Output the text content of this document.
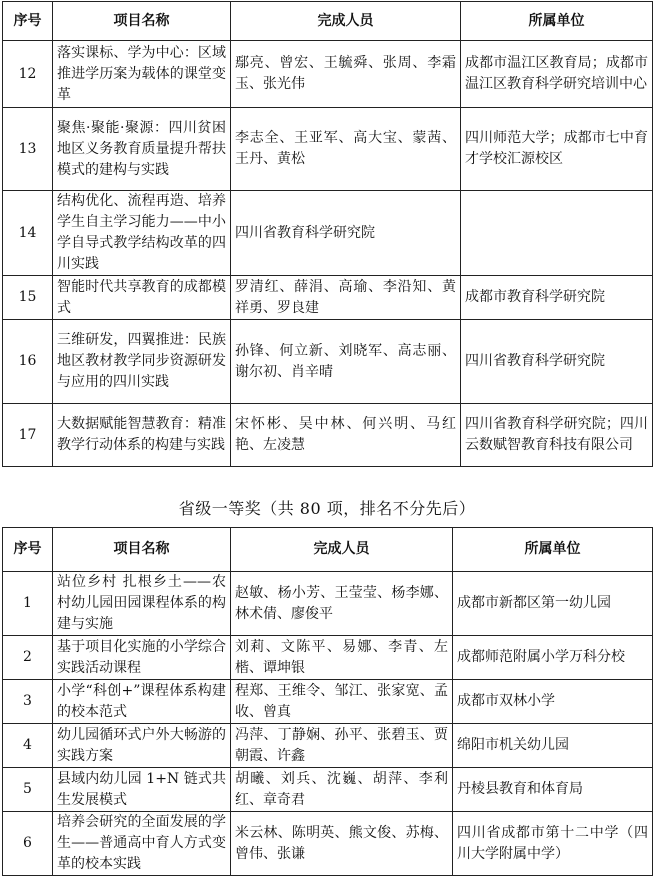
序号	项目名称	完成人员	所属单位
12	落实课标、学为中心：区域推进学历案为载体的课堂变革	鄢亮、曾宏、王毓舜、张周、李霜玉、张光伟	成都市温江区教育局；成都市温江区教育科学研究培训中心
13	聚焦·聚能·聚源：四川贫困地区义务教育质量提升帮扶模式的建构与实践	李志全、王亚军、高大宝、蒙茜、王丹、黄松	四川师范大学；成都市七中育才学校汇源校区
14	结构优化、流程再造、培养学生自主学习能力——中小学自导式教学结构改革的四川实践	四川省教育科学研究院	
15	智能时代共享教育的成都模式	罗清红、薛涓、高瑜、李沿知、黄祥勇、罗良建	成都市教育科学研究院
16	三维研发，四翼推进：民族地区教材教学同步资源研发与应用的四川实践	孙锋、何立新、刘晓军、高志丽、谢尔初、肖辛晴	四川省教育科学研究院
17	大数据赋能智慧教育：精准教学行动体系的构建与实践	宋怀彬、吴中林、何兴明、马红艳、左凌慧	四川省教育科学研究院；四川云数赋智教育科技有限公司
省级一等奖（共 80 项，排名不分先后）
序号	项目名称	完成人员	所属单位
1	站位乡村 扎根乡土——农村幼儿园田园课程体系的构建与实施	赵敏、杨小芳、王莹莹、杨李娜、林术倩、廖俊平	成都市新都区第一幼儿园
2	基于项目化实施的小学综合实践活动课程	刘莉、文陈平、易娜、李青、左楷、谭坤银	成都师范附属小学万科分校
3	小学“科创+”课程体系构建的校本范式	程郑、王维令、邹江、张家宽、孟收、曾真	成都市双林小学
4	幼儿园循环式户外大畅游的实践方案	冯萍、丁静娴、孙平、张碧玉、贾朝霞、许鑫	绵阳市机关幼儿园
5	县域内幼儿园 1+N 链式共生发展模式	胡曦、刘兵、沈巍、胡萍、李利红、章奇君	丹棱县教育和体育局
6	培养会研究的全面发展的学生——普通高中育人方式变革的校本实践	米云林、陈明英、熊文俊、苏梅、曾伟、张谦	四川省成都市第十二中学（四川大学附属中学）
